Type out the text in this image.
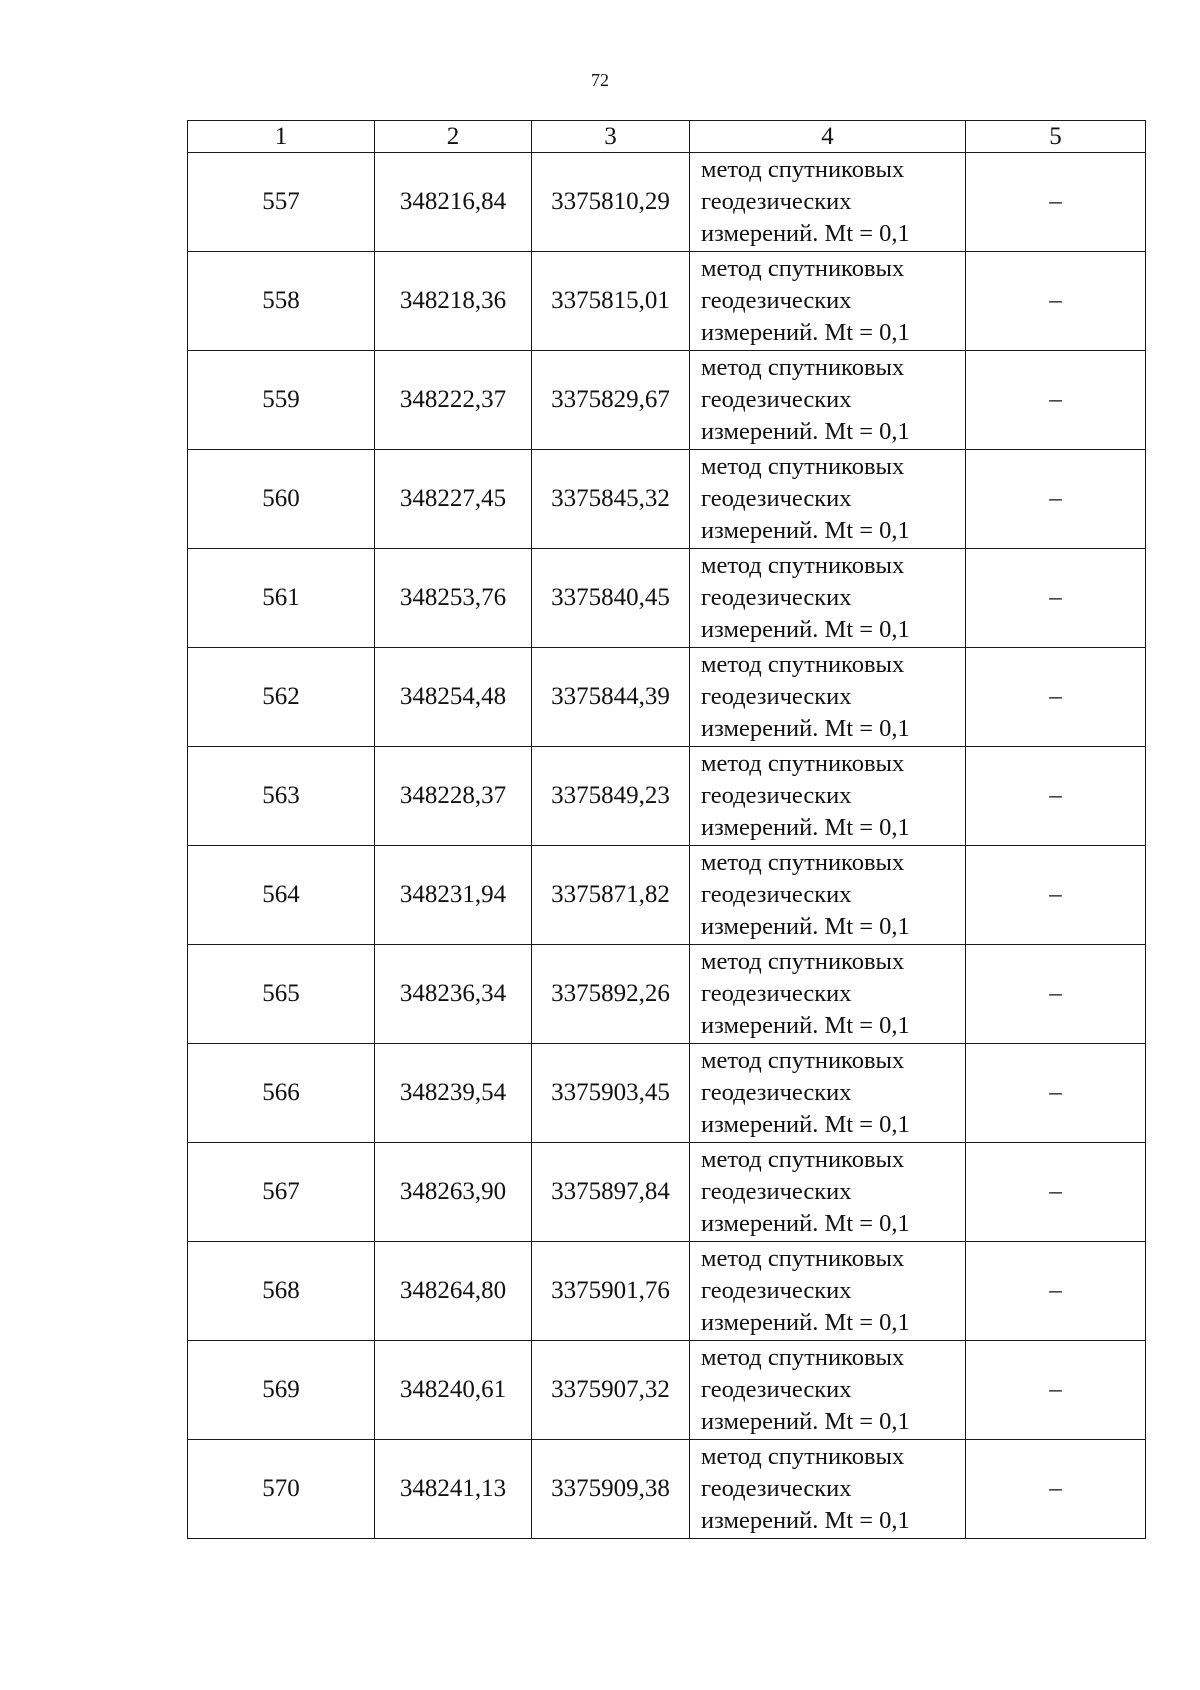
72
1	2	3	4	5
557	348216,84	3375810,29	метод спутниковых
геодезических
измерений. Mt = 0,1	–
558	348218,36	3375815,01	метод спутниковых
геодезических
измерений. Mt = 0,1	–
559	348222,37	3375829,67	метод спутниковых
геодезических
измерений. Mt = 0,1	–
560	348227,45	3375845,32	метод спутниковых
геодезических
измерений. Mt = 0,1	–
561	348253,76	3375840,45	метод спутниковых
геодезических
измерений. Mt = 0,1	–
562	348254,48	3375844,39	метод спутниковых
геодезических
измерений. Mt = 0,1	–
563	348228,37	3375849,23	метод спутниковых
геодезических
измерений. Mt = 0,1	–
564	348231,94	3375871,82	метод спутниковых
геодезических
измерений. Mt = 0,1	–
565	348236,34	3375892,26	метод спутниковых
геодезических
измерений. Mt = 0,1	–
566	348239,54	3375903,45	метод спутниковых
геодезических
измерений. Mt = 0,1	–
567	348263,90	3375897,84	метод спутниковых
геодезических
измерений. Mt = 0,1	–
568	348264,80	3375901,76	метод спутниковых
геодезических
измерений. Mt = 0,1	–
569	348240,61	3375907,32	метод спутниковых
геодезических
измерений. Mt = 0,1	–
570	348241,13	3375909,38	метод спутниковых
геодезических
измерений. Mt = 0,1	–
